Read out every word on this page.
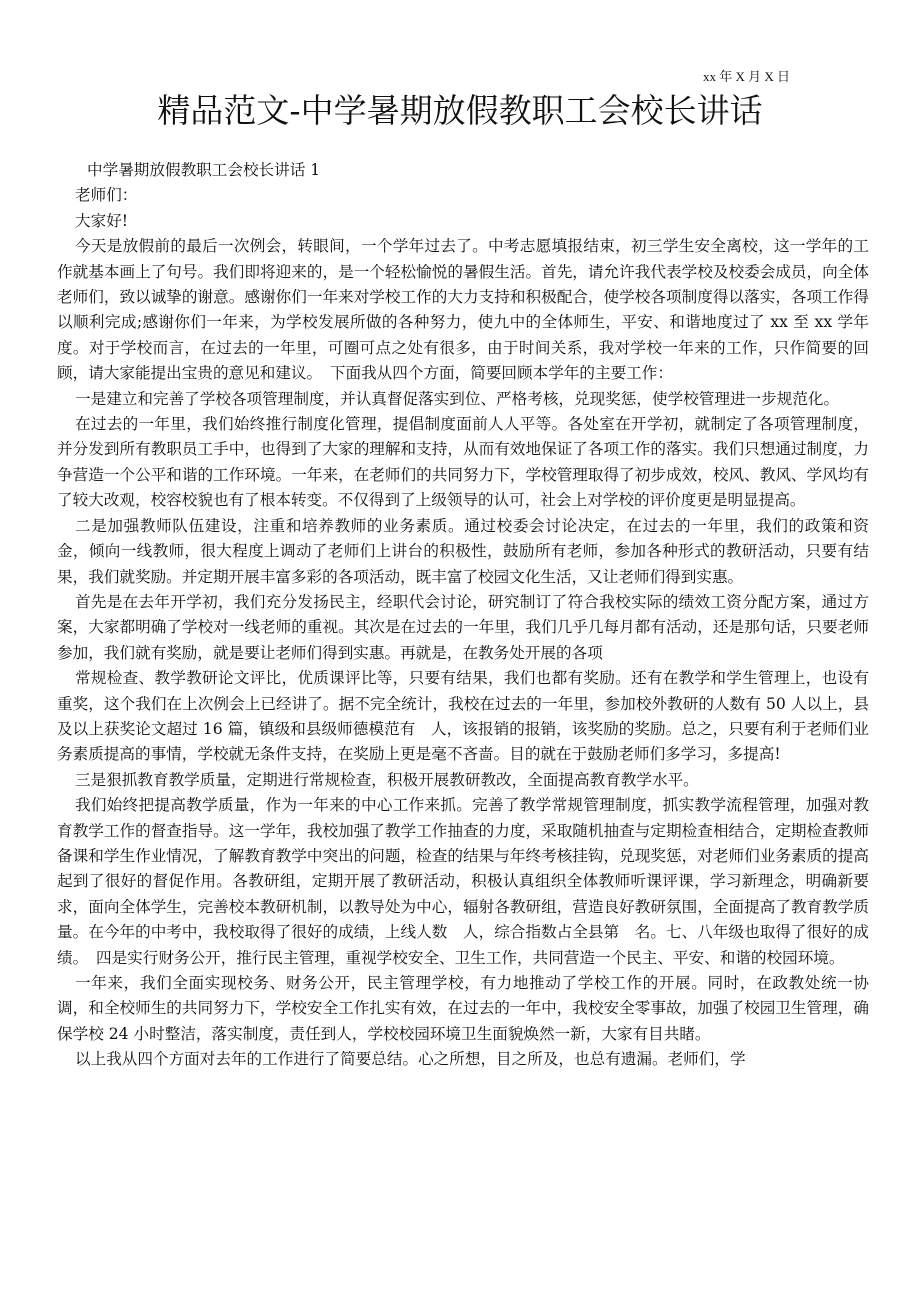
xx 年 X 月 X 日
精品范文-中学暑期放假教职工会校长讲话

中学暑期放假教职工会校长讲话 1

老师们：

大家好!

今天是放假前的最后一次例会，转眼间，一个学年过去了。中考志愿填报结束，初三学生安全离校，这一学年的工作就基本画上了句号。我们即将迎来的，是一个轻松愉悦的暑假生活。首先，请允许我代表学校及校委会成员，向全体老师们，致以诚挚的谢意。感谢你们一年来对学校工作的大力支持和积极配合，使学校各项制度得以落实，各项工作得以顺利完成;感谢你们一年来，为学校发展所做的各种努力，使九中的全体师生，平安、和谐地度过了 xx 至 xx 学年度。对于学校而言，在过去的一年里，可圈可点之处有很多，由于时间关系，我对学校一年来的工作，只作简要的回顾，请大家能提出宝贵的意见和建议。　下面我从四个方面，简要回顾本学年的主要工作：

一是建立和完善了学校各项管理制度，并认真督促落实到位、严格考核，兑现奖惩，使学校管理进一步规范化。

在过去的一年里，我们始终推行制度化管理，提倡制度面前人人平等。各处室在开学初，就制定了各项管理制度，并分发到所有教职员工手中，也得到了大家的理解和支持，从而有效地保证了各项工作的落实。我们只想通过制度，力争营造一个公平和谐的工作环境。一年来，在老师们的共同努力下，学校管理取得了初步成效，校风、教风、学风均有了较大改观，校容校貌也有了根本转变。不仅得到了上级领导的认可，社会上对学校的评价度更是明显提高。

二是加强教师队伍建设，注重和培养教师的业务素质。通过校委会讨论决定，在过去的一年里，我们的政策和资金，倾向一线教师，很大程度上调动了老师们上讲台的积极性，鼓励所有老师，参加各种形式的教研活动，只要有结果，我们就奖励。并定期开展丰富多彩的各项活动，既丰富了校园文化生活，又让老师们得到实惠。

首先是在去年开学初，我们充分发扬民主，经职代会讨论，研究制订了符合我校实际的绩效工资分配方案，通过方案，大家都明确了学校对一线老师的重视。其次是在过去的一年里，我们几乎几每月都有活动，还是那句话，只要老师参加，我们就有奖励，就是要让老师们得到实惠。再就是，在教务处开展的各项

常规检查、教学教研论文评比，优质课评比等，只要有结果，我们也都有奖励。还有在教学和学生管理上，也设有重奖，这个我们在上次例会上已经讲了。据不完全统计，我校在过去的一年里，参加校外教研的人数有 50 人以上，县及以上获奖论文超过 16 篇，镇级和县级师德模范有　人，该报销的报销，该奖励的奖励。总之，只要有利于老师们业务素质提高的事情，学校就无条件支持，在奖励上更是毫不吝啬。目的就在于鼓励老师们多学习，多提高!

三是狠抓教育教学质量，定期进行常规检查，积极开展教研教改，全面提高教育教学水平。

我们始终把提高教学质量，作为一年来的中心工作来抓。完善了教学常规管理制度，抓实教学流程管理，加强对教育教学工作的督查指导。这一学年，我校加强了教学工作抽查的力度，采取随机抽查与定期检查相结合，定期检查教师备课和学生作业情况，了解教育教学中突出的问题，检查的结果与年终考核挂钩，兑现奖惩，对老师们业务素质的提高起到了很好的督促作用。各教研组，定期开展了教研活动，积极认真组织全体教师听课评课，学习新理念，明确新要求，面向全体学生，完善校本教研机制，以教导处为中心，辐射各教研组，营造良好教研氛围，全面提高了教育教学质量。在今年的中考中，我校取得了很好的成绩，上线人数　人，综合指数占全县第　名。七、八年级也取得了很好的成绩。　四是实行财务公开，推行民主管理，重视学校安全、卫生工作，共同营造一个民主、平安、和谐的校园环境。

一年来，我们全面实现校务、财务公开，民主管理学校，有力地推动了学校工作的开展。同时，在政教处统一协调，和全校师生的共同努力下，学校安全工作扎实有效，在过去的一年中，我校安全零事故，加强了校园卫生管理，确保学校 24 小时整洁，落实制度，责任到人，学校校园环境卫生面貌焕然一新，大家有目共睹。

以上我从四个方面对去年的工作进行了简要总结。心之所想，目之所及，也总有遗漏。老师们，学
